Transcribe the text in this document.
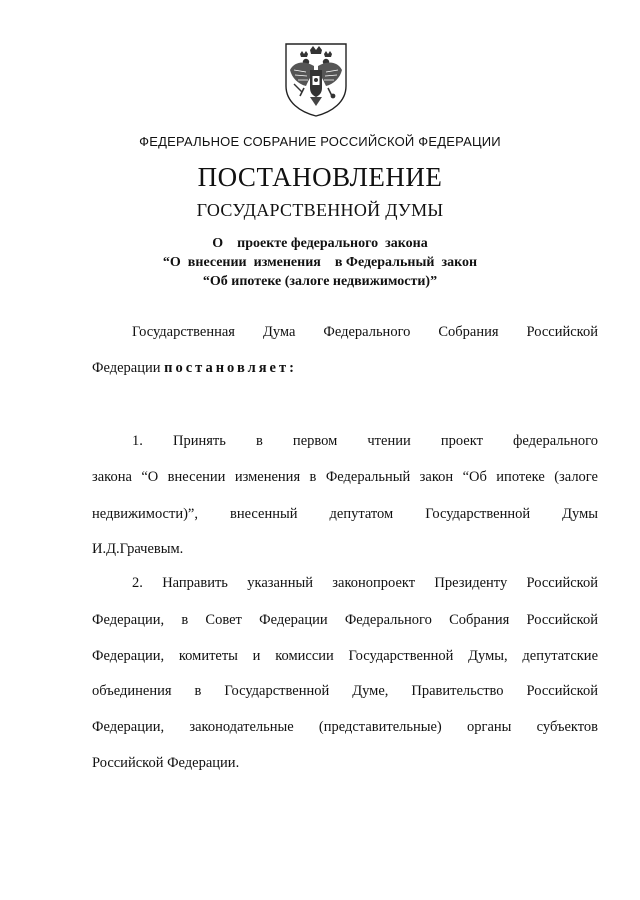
ФЕДЕРАЛЬНОЕ СОБРАНИЕ РОССИЙСКОЙ ФЕДЕРАЦИИ
ПОСТАНОВЛЕНИЕ
ГОСУДАРСТВЕННОЙ ДУМЫ
О    проекте федерального  закона
“О  внесении  изменения    в Федеральный  закон
“Об ипотеке (залоге недвижимости)”
Государственная Дума Федерального Собрания Российской
Федерации постановляет:
1. Принять в первом чтении проект федерального
закона “О внесении изменения в Федеральный закон “Об ипотеке (залоге
недвижимости)”, внесенный депутатом Государственной Думы
И.Д.Грачевым.
2. Направить указанный законопроект Президенту Российской
Федерации, в Совет Федерации Федерального Собрания Российской
Федерации, комитеты и комиссии Государственной Думы, депутатские
объединения в Государственной Думе, Правительство Российской
Федерации, законодательные (представительные) органы субъектов
Российской Федерации.
